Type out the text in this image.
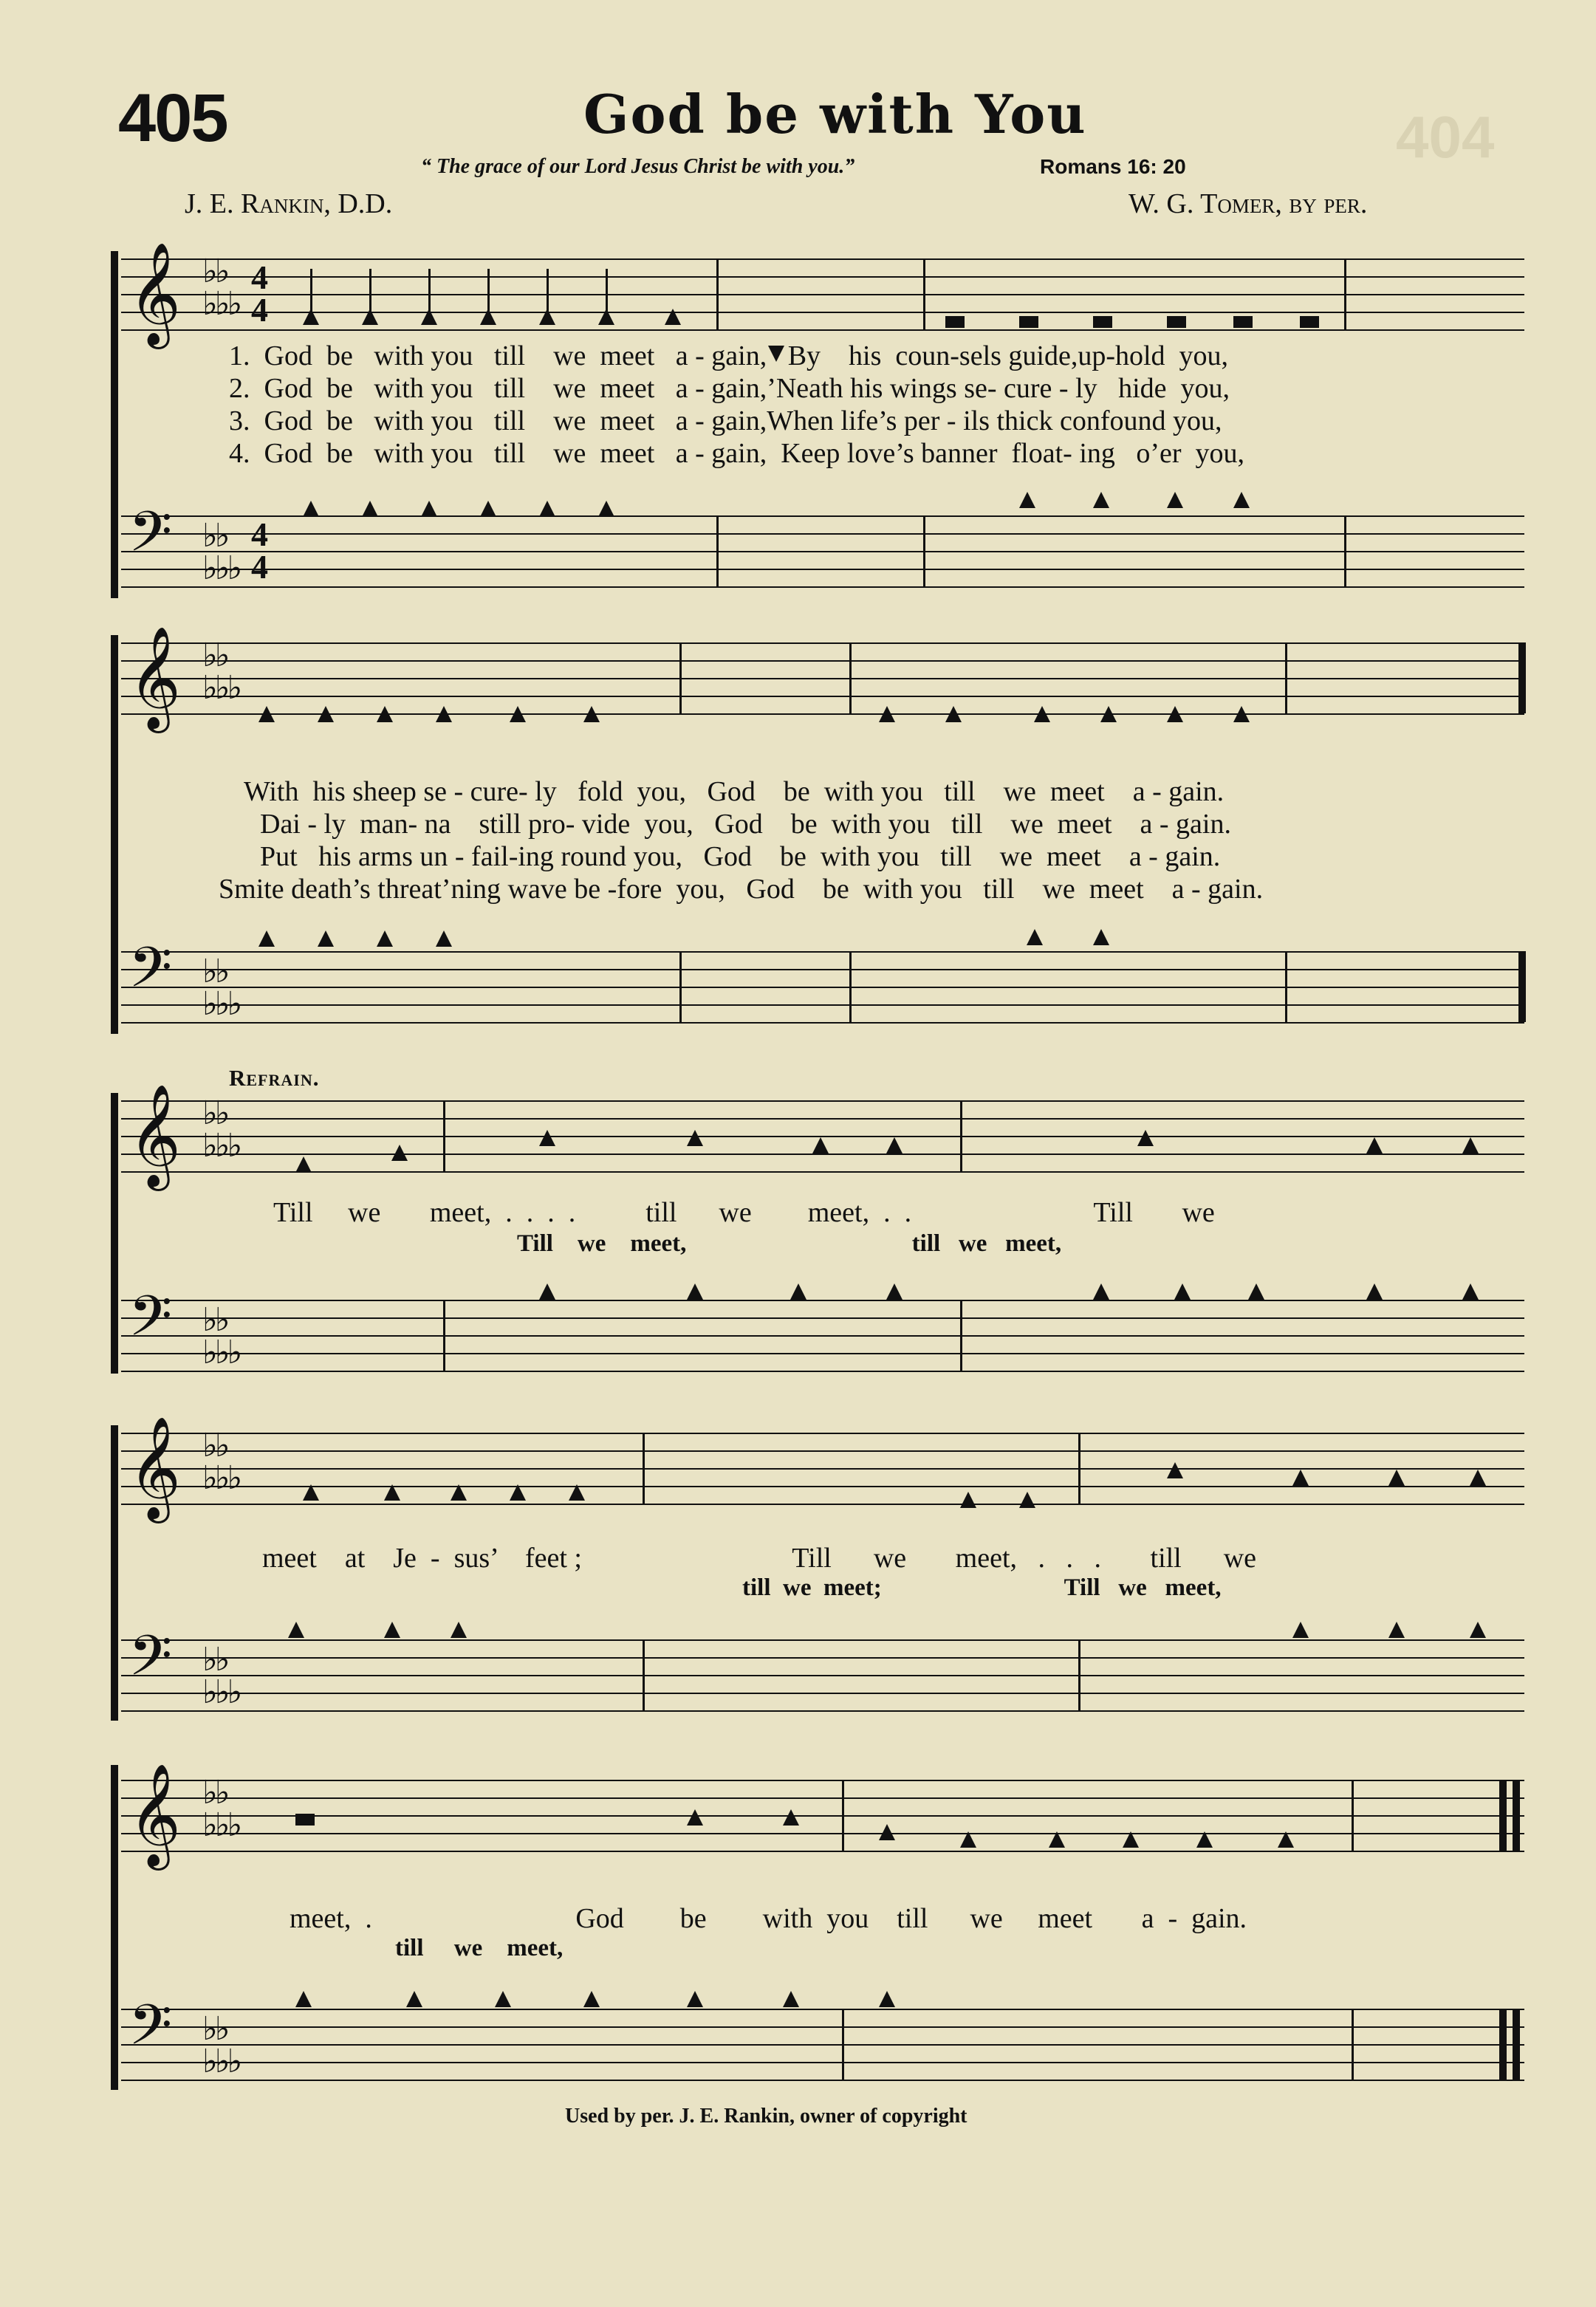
405	404
God be with You
“ The grace of our Lord Jesus Christ be with you.”	Romans 16: 20
J. E. Rankin, D.D.	W. G. Tomer, by per.
𝄞 ♭♭
♭♭♭
4
4
1.  God  be   with you   till    we  meet   a - gain,   By    his  coun-sels guide,up-hold  you,
2.  God  be   with you   till    we  meet   a - gain,’Neath his wings se- cure - ly   hide  you,
3.  God  be   with you   till    we  meet   a - gain,When life’s per - ils thick confound you,
4.  God  be   with you   till    we  meet   a - gain,  Keep love’s banner  float- ing   o’er  you,
𝄢 ♭♭
♭♭♭
4
4
𝄞 ♭♭
♭♭♭
With  his sheep se - cure- ly   fold  you,   God    be  with you   till    we  meet    a - gain.
Dai - ly  man- na    still pro- vide  you,   God    be  with you   till    we  meet    a - gain.
Put   his arms un - fail-ing round you,   God    be  with you   till    we  meet    a - gain.
Smite death’s threat’ning wave be -fore  you,   God    be  with you   till    we  meet    a - gain.
𝄢 ♭♭
♭♭♭
Refrain.
𝄞 ♭♭
♭♭♭
Till     we       meet,  .  .  .  .          till      we        meet,  .  .                          Till       we
Till    we    meet,                                     till   we   meet,
𝄢 ♭♭
♭♭♭
𝄞 ♭♭
♭♭♭
meet    at    Je  -  sus’    feet ;                              Till      we       meet,   .   .   .       till      we
till  we  meet;                              Till   we   meet,
𝄢 ♭♭
♭♭♭
𝄞 ♭♭
♭♭♭
meet,  .                             God        be        with  you    till      we     meet       a  -  gain.
till     we    meet,
𝄢 ♭♭
♭♭♭
Used by per. J. E. Rankin, owner of copyright
